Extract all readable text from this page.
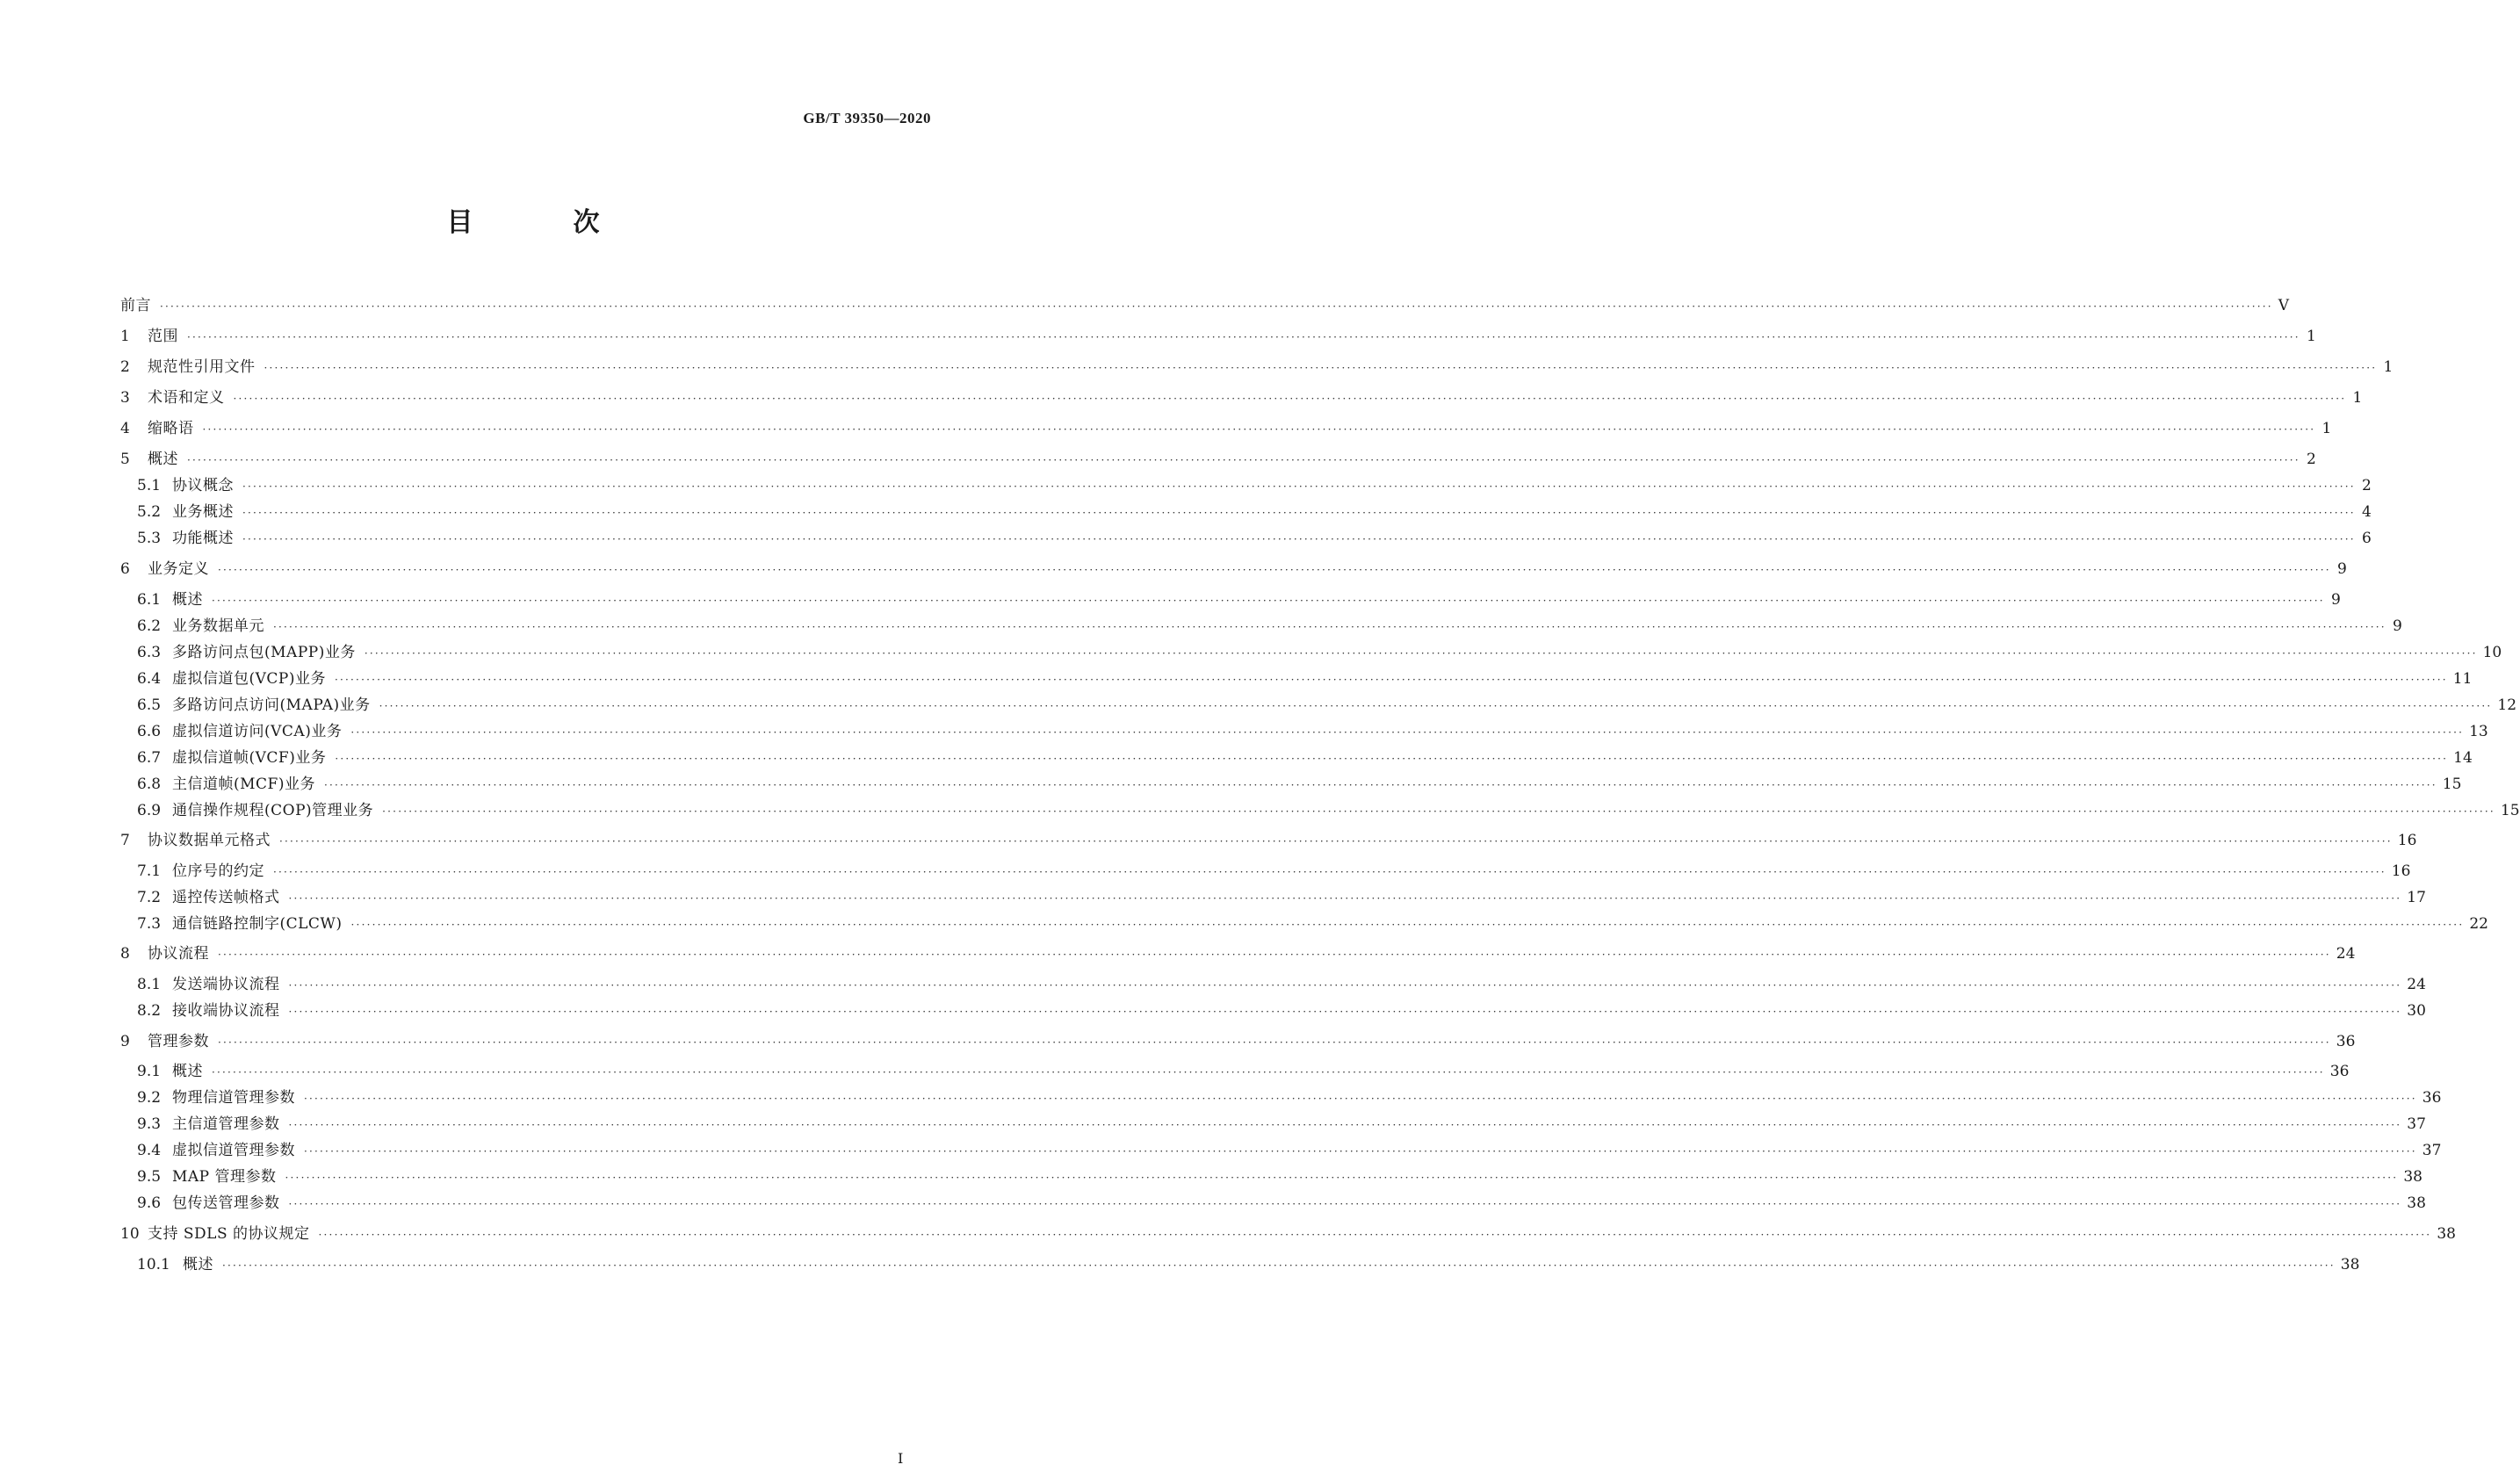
GB/T 39350—2020
目　次
前言 ················································································································································································································································································································································································································ V
1	范围 ················································································································································································································································································································································································································ 1
2	规范性引用文件 ················································································································································································································································································································································································································ 1
3	术语和定义 ················································································································································································································································································································································································································ 1
4	缩略语 ················································································································································································································································································································································································································ 1
5	概述 ················································································································································································································································································································································································································ 2
5.1 协议概念 ················································································································································································································································································································································································································ 2
5.2 业务概述 ················································································································································································································································································································································································································ 4
5.3 功能概述 ················································································································································································································································································································································································································ 6
6	业务定义 ················································································································································································································································································································································································································ 9
6.1 概述 ················································································································································································································································································································································································································ 9
6.2 业务数据单元 ················································································································································································································································································································································································································ 9
6.3 多路访问点包(MAPP)业务 ················································································································································································································································································································································································································ 10
6.4 虚拟信道包(VCP)业务 ················································································································································································································································································································································································································ 11
6.5 多路访问点访问(MAPA)业务 ················································································································································································································································································································································································································ 12
6.6 虚拟信道访问(VCA)业务 ················································································································································································································································································································································································································ 13
6.7 虚拟信道帧(VCF)业务 ················································································································································································································································································································································································································ 14
6.8 主信道帧(MCF)业务 ················································································································································································································································································································································································································ 15
6.9 通信操作规程(COP)管理业务 ················································································································································································································································································································································································································ 15
7	协议数据单元格式 ················································································································································································································································································································································································································ 16
7.1 位序号的约定 ················································································································································································································································································································································································································ 16
7.2 遥控传送帧格式 ················································································································································································································································································································································································································ 17
7.3 通信链路控制字(CLCW) ················································································································································································································································································································································································································ 22
8	协议流程 ················································································································································································································································································································································································································ 24
8.1 发送端协议流程 ················································································································································································································································································································································································································ 24
8.2 接收端协议流程 ················································································································································································································································································································································································································ 30
9	管理参数 ················································································································································································································································································································································································································ 36
9.1 概述 ················································································································································································································································································································································································································ 36
9.2 物理信道管理参数 ················································································································································································································································································································································································································ 36
9.3 主信道管理参数 ················································································································································································································································································································································································································ 37
9.4 虚拟信道管理参数 ················································································································································································································································································································································································································ 37
9.5 MAP 管理参数 ················································································································································································································································································································································································································ 38
9.6 包传送管理参数 ················································································································································································································································································································································································································ 38
10 支持 SDLS 的协议规定 ················································································································································································································································································································································································································ 38
10.1 概述 ················································································································································································································································································································································································································ 38
I
